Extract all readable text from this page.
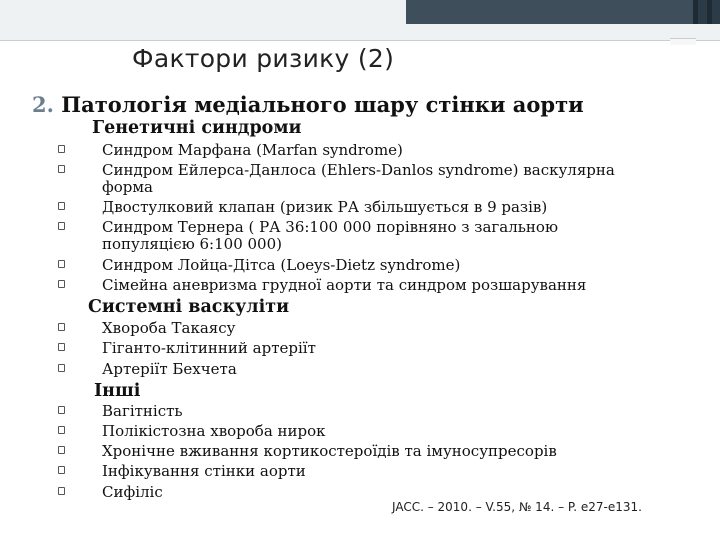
Фактори ризику (2)
2. Патологія медіального шару стінки аорти
Генетичні синдроми
Синдром Марфана (Marfan syndrome)
Синдром Ейлерса-Данлоса (Ehlers-Danlos syndrome) васкулярна
форма
Двостулковий клапан (ризик РА збільшується в 9 разів)
Синдром Тернера ( РА 36:100 000 порівняно з загальною
популяцією 6:100 000)
Синдром Лойца-Дітса (Loeys-Dietz syndrome)
Сімейна аневризма грудної аорти та синдром розшарування
Системні васкуліти
Хвороба Такаясу
Гіганто-клітинний артеріїт
Артеріїт Бехчета
Інші
Вагітність
Полікістозна хвороба нирок
Хронічне вживання кортикостероїдів та імуносупресорів
Інфікування стінки аорти
Сифіліс
JACC. – 2010. – V.55, № 14. – P. e27-e131.
